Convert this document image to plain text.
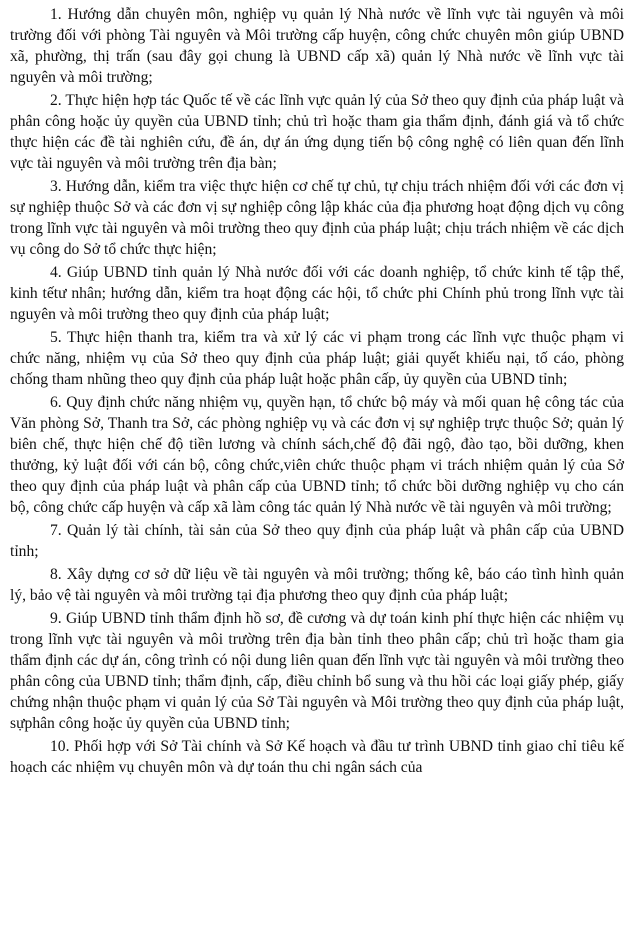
1. Hướng dẫn chuyên môn, nghiệp vụ quản lý Nhà nước về lĩnh vực tài nguyên và môi trường đối với phòng Tài nguyên và Môi trường cấp huyện, công chức chuyên môn giúp UBND xã, phường, thị trấn (sau đây gọi chung là UBND cấp xã) quản lý Nhà nước về lĩnh vực tài nguyên và môi trường;

2. Thực hiện hợp tác Quốc tế về các lĩnh vực quản lý của Sở theo quy định của pháp luật và phân công hoặc ủy quyền của UBND tỉnh; chủ trì hoặc tham gia thẩm định, đánh giá và tổ chức thực hiện các đề tài nghiên cứu, đề án, dự án ứng dụng tiến bộ công nghệ có liên quan đến lĩnh vực tài nguyên và môi trường trên địa bàn;

3. Hướng dẫn, kiểm tra việc thực hiện cơ chế tự chủ, tự chịu trách nhiệm đối với các đơn vị sự nghiệp thuộc Sở và các đơn vị sự nghiệp công lập khác của địa phương hoạt động dịch vụ công trong lĩnh vực tài nguyên và môi trường theo quy định của pháp luật; chịu trách nhiệm về các dịch vụ công do Sở tổ chức thực hiện;

4. Giúp UBND tỉnh quản lý Nhà nước đối với các doanh nghiệp, tổ chức kinh tế tập thể, kinh tếtư nhân; hướng dẫn, kiểm tra hoạt động các hội, tổ chức phi Chính phủ trong lĩnh vực tài nguyên và môi trường theo quy định của pháp luật;

5. Thực hiện thanh tra, kiểm tra và xử lý các vi phạm trong các lĩnh vực thuộc phạm vi chức năng, nhiệm vụ của Sở theo quy định của pháp luật; giải quyết khiếu nại, tố cáo, phòng chống tham nhũng theo quy định của pháp luật hoặc phân cấp, ủy quyền của UBND tỉnh;

6. Quy định chức năng nhiệm vụ, quyền hạn, tổ chức bộ máy và mối quan hệ công tác của Văn phòng Sở, Thanh tra Sở, các phòng nghiệp vụ và các đơn vị sự nghiệp trực thuộc Sở; quản lý biên chế, thực hiện chế độ tiền lương và chính sách,chế độ đãi ngộ, đào tạo, bồi dưỡng, khen thưởng, kỷ luật đối với cán bộ, công chức,viên chức thuộc phạm vi trách nhiệm quản lý của Sở theo quy định của pháp luật và phân cấp của UBND tỉnh; tổ chức bồi dưỡng nghiệp vụ cho cán bộ, công chức cấp huyện và cấp xã làm công tác quản lý Nhà nước về tài nguyên và môi trường;

7. Quản lý tài chính, tài sản của Sở theo quy định của pháp luật và phân cấp của UBND tỉnh;

8. Xây dựng cơ sở dữ liệu về tài nguyên và môi trường; thống kê, báo cáo tình hình quản lý, bảo vệ tài nguyên và môi trường tại địa phương theo quy định của pháp luật;

9. Giúp UBND tỉnh thẩm định hồ sơ, đề cương và dự toán kinh phí thực hiện các nhiệm vụ trong lĩnh vực tài nguyên và môi trường trên địa bàn tỉnh theo phân cấp; chủ trì hoặc tham gia thẩm định các dự án, công trình có nội dung liên quan đến lĩnh vực tài nguyên và môi trường theo phân công của UBND tỉnh; thẩm định, cấp, điều chỉnh bổ sung và thu hồi các loại giấy phép, giấy chứng nhận thuộc phạm vi quản lý của Sở Tài nguyên và Môi trường theo quy định của pháp luật, sựphân công hoặc ủy quyền của UBND tỉnh;

10. Phối hợp với Sở Tài chính và Sở Kế hoạch và đầu tư trình UBND tỉnh giao chỉ tiêu kế hoạch các nhiệm vụ chuyên môn và dự toán thu chi ngân sách của
